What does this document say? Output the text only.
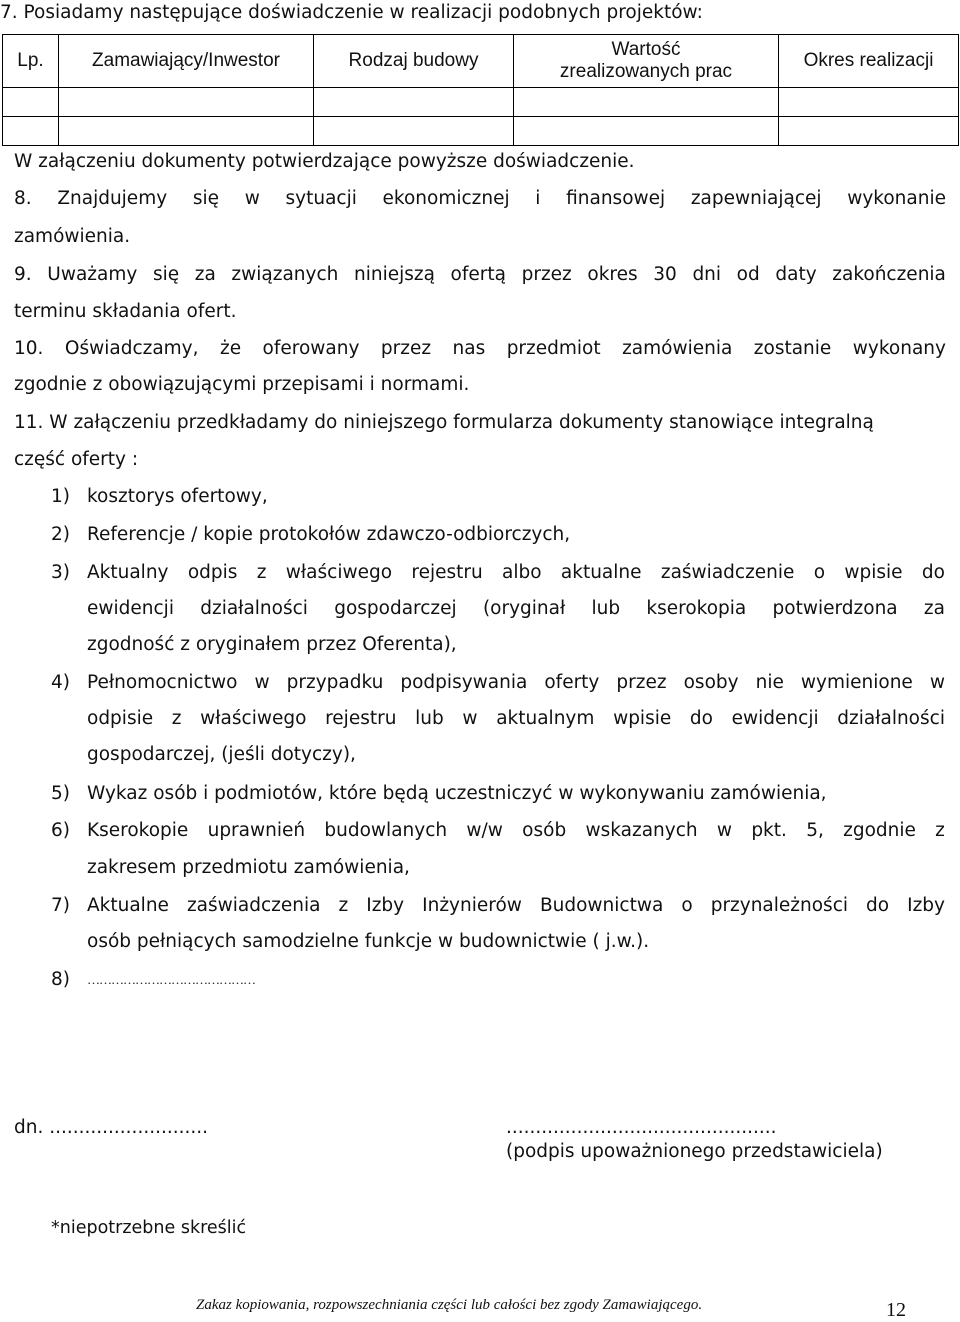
7. Posiadamy następujące doświadczenie w realizacji podobnych projektów:
Lp.	Zamawiający/Inwestor	Rodzaj budowy	Wartość
zrealizowanych prac	Okres realizacji

W załączeniu dokumenty potwierdzające powyższe doświadczenie.
8. Znajdujemy się w sytuacji ekonomicznej i finansowej zapewniającej wykonanie
zamówienia.
9. Uważamy się za związanych niniejszą ofertą przez okres 30 dni od daty zakończenia
terminu składania ofert.
10. Oświadczamy, że oferowany przez nas przedmiot zamówienia zostanie wykonany
zgodnie z obowiązującymi przepisami i normami.
11. W załączeniu przedkładamy do niniejszego formularza dokumenty stanowiące integralną
część oferty :
1) kosztorys ofertowy,
2) Referencje / kopie protokołów zdawczo-odbiorczych,
3) Aktualny odpis z właściwego rejestru albo aktualne zaświadczenie o wpisie do
ewidencji działalności gospodarczej (oryginał lub kserokopia potwierdzona za
zgodność z oryginałem przez Oferenta),
4) Pełnomocnictwo w przypadku podpisywania oferty przez osoby nie wymienione w
odpisie z właściwego rejestru lub w aktualnym wpisie do ewidencji działalności
gospodarczej, (jeśli dotyczy),
5) Wykaz osób i podmiotów, które będą uczestniczyć w wykonywaniu zamówienia,
6) Kserokopie uprawnień budowlanych w/w osób wskazanych w pkt. 5, zgodnie z
zakresem przedmiotu zamówienia,
7) Aktualne zaświadczenia z Izby Inżynierów Budownictwa o przynależności do Izby
osób pełniących samodzielne funkcje w budownictwie ( j.w.).
8) ……………………………………
dn. ...........................	..............................................
(podpis upoważnionego przedstawiciela)
*niepotrzebne skreślić
Zakaz kopiowania, rozpowszechniania części lub całości bez zgody Zamawiającego.	12
